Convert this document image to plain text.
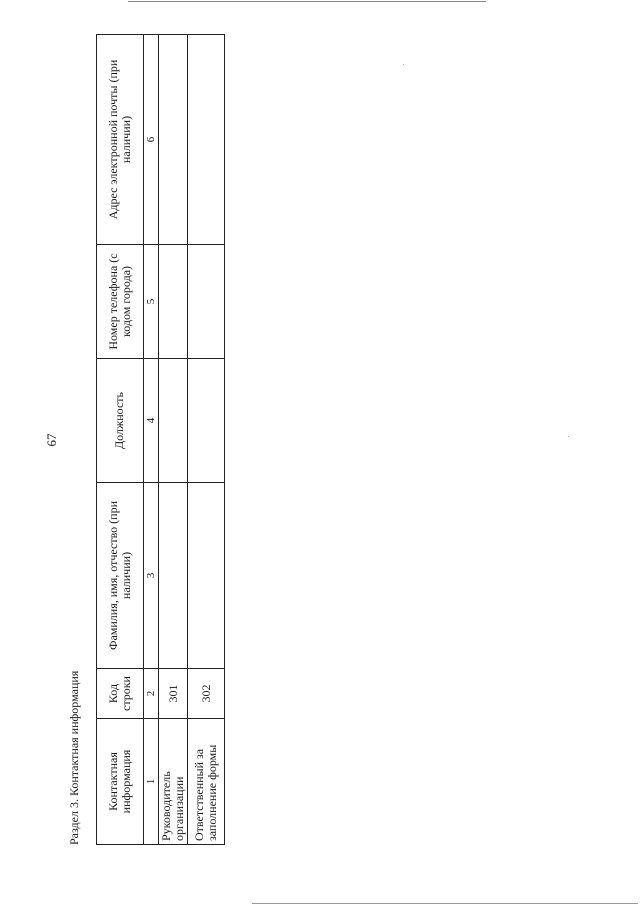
67
Раздел 3. Контактная информация Контактная информация	Код строки	Фамилия, имя, отчество (при наличии)	Должность	Номер телефона (с кодом города)	Адрес электронной почты (при наличии)
1	2	3	4	5	6
Руководитель организации	301				
Ответственный за заполнение формы	302				
